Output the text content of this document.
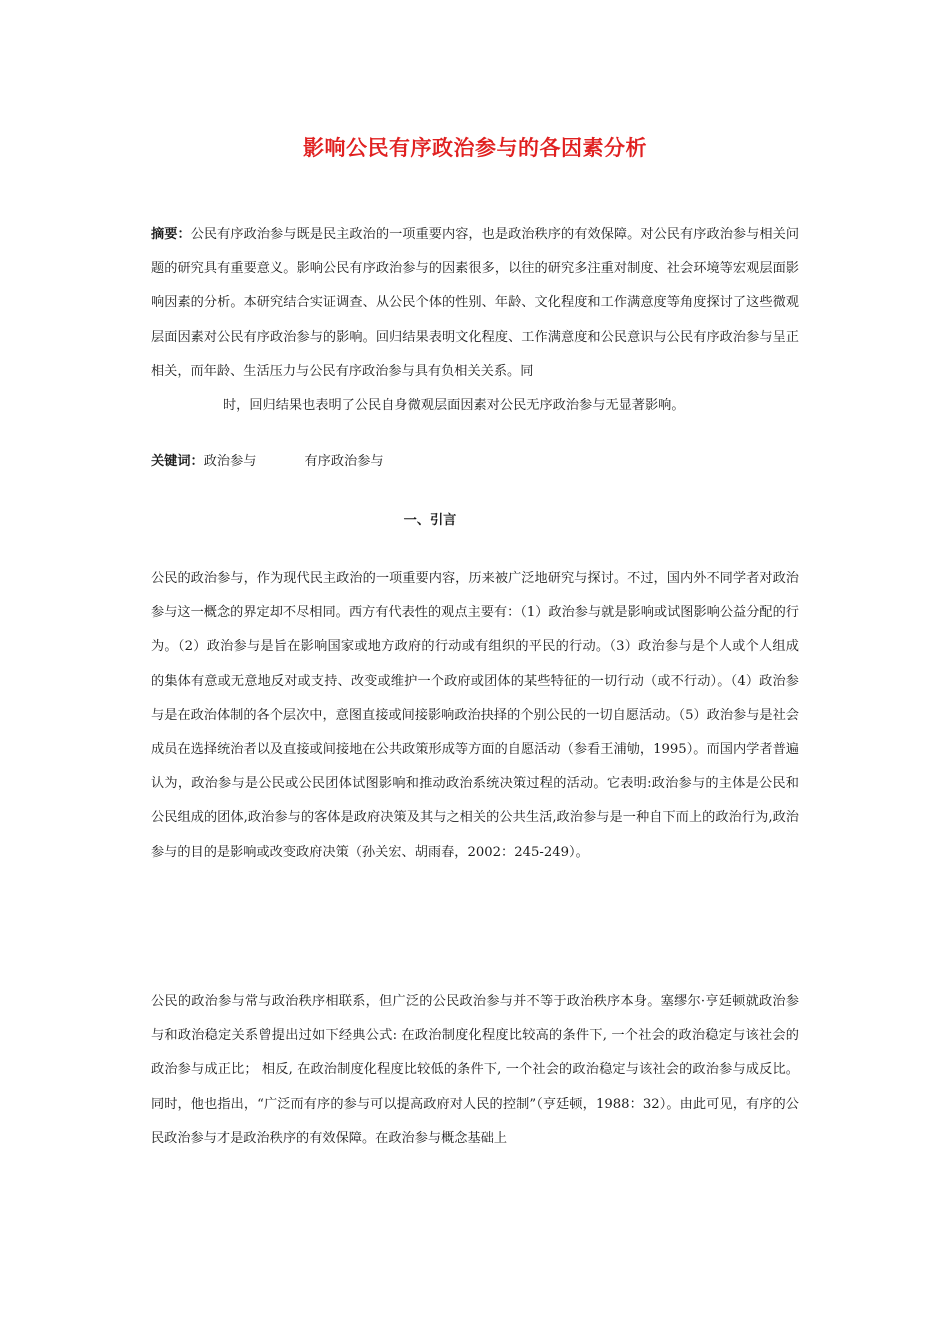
影响公民有序政治参与的各因素分析
摘要：公民有序政治参与既是民主政治的一项重要内容，也是政治秩序的有效保障。对公民有序政治参与相关问题的研究具有重要意义。影响公民有序政治参与的因素很多，以往的研究多注重对制度、社会环境等宏观层面影响因素的分析。本研究结合实证调查、从公民个体的性别、年龄、文化程度和工作满意度等角度探讨了这些微观层面因素对公民有序政治参与的影响。回归结果表明文化程度、工作满意度和公民意识与公民有序政治参与呈正相关，而年龄、生活压力与公民有序政治参与具有负相关关系。同
时，回归结果也表明了公民自身微观层面因素对公民无序政治参与无显著影响。
关键词：政治参与	有序政治参与
一、引言

公民的政治参与，作为现代民主政治的一项重要内容，历来被广泛地研究与探讨。不过，国内外不同学者对政治参与这一概念的界定却不尽相同。西方有代表性的观点主要有：（1）政治参与就是影响或试图影响公益分配的行为。（2）政治参与是旨在影响国家或地方政府的行动或有组织的平民的行动。（3）政治参与是个人或个人组成的集体有意或无意地反对或支持、改变或维护一个政府或团体的某些特征的一切行动（或不行动）。（4）政治参与是在政治体制的各个层次中，意图直接或间接影响政治抉择的个别公民的一切自愿活动。（5）政治参与是社会成员在选择统治者以及直接或间接地在公共政策形成等方面的自愿活动（参看王浦劬，1995）。而国内学者普遍认为，政治参与是公民或公民团体试图影响和推动政治系统决策过程的活动。它表明:政治参与的主体是公民和公民组成的团体,政治参与的客体是政府决策及其与之相关的公共生活,政治参与是一种自下而上的政治行为,政治参与的目的是影响或改变政府决策（孙关宏、胡雨春，2002：245-249）。

公民的政治参与常与政治秩序相联系，但广泛的公民政治参与并不等于政治秩序本身。塞缪尔·亨廷顿就政治参与和政治稳定关系曾提出过如下经典公式: 在政治制度化程度比较高的条件下, 一个社会的政治稳定与该社会的政治参与成正比； 相反, 在政治制度化程度比较低的条件下, 一个社会的政治稳定与该社会的政治参与成反比。同时，他也指出，“广泛而有序的参与可以提高政府对人民的控制”（亨廷顿，1988：32）。由此可见，有序的公民政治参与才是政治秩序的有效保障。在政治参与概念基础上
